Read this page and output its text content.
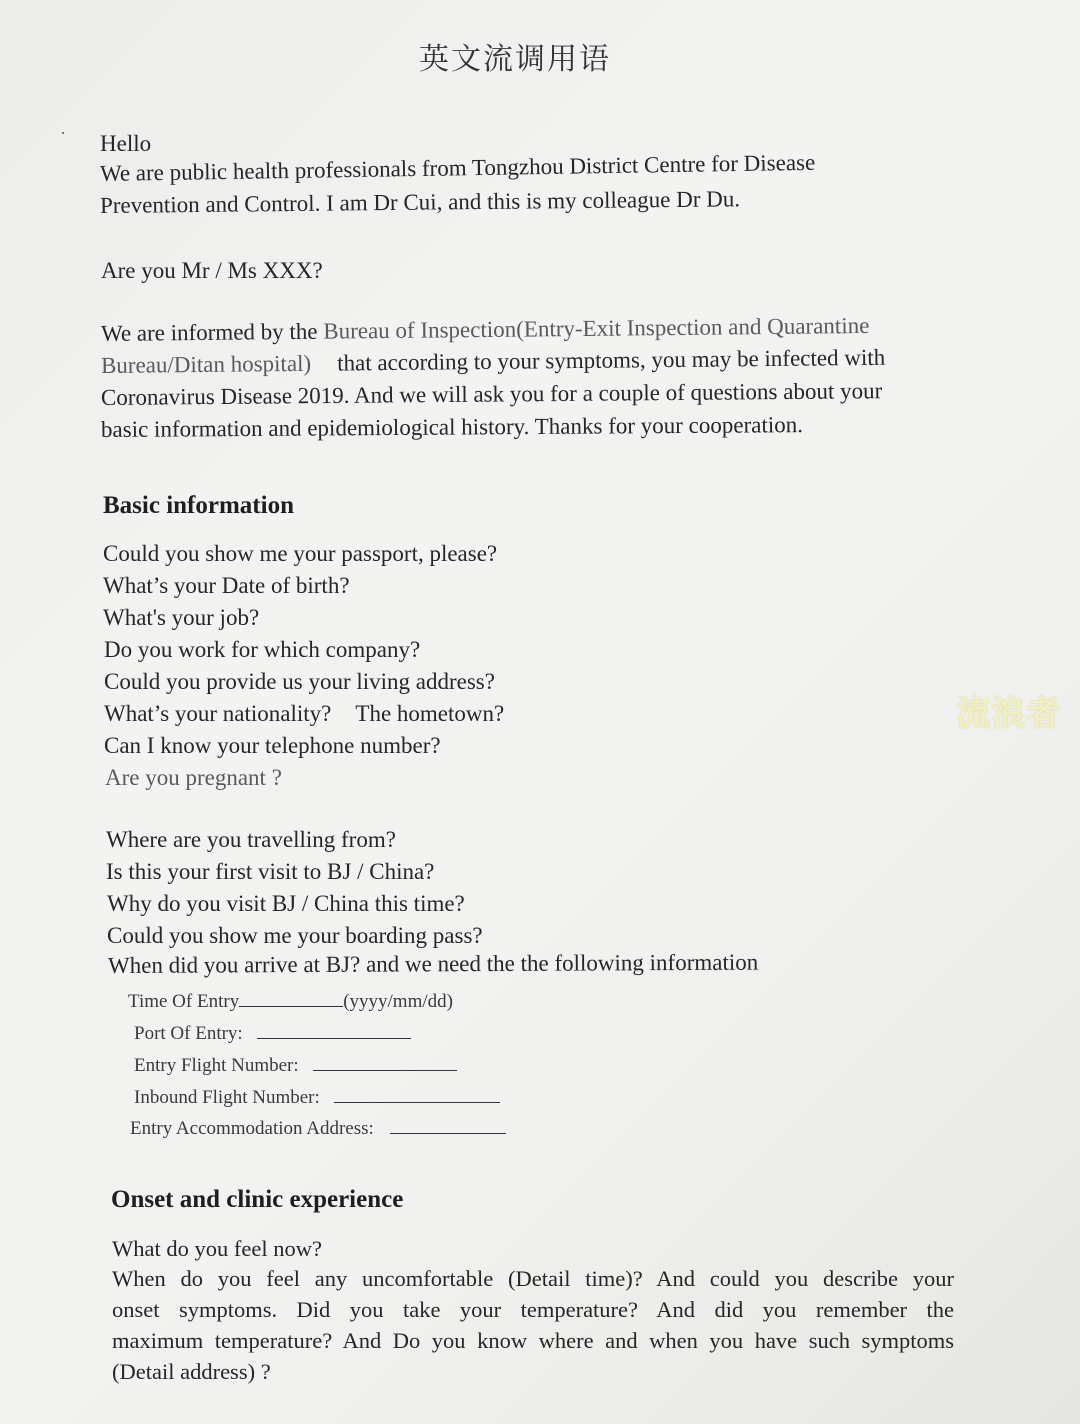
英文流调用语
Hello
We are public health professionals from Tongzhou District Centre for Disease
Prevention and Control. I am Dr Cui, and this is my colleague Dr Du.
Are you Mr / Ms XXX?
We are informed by the Bureau of Inspection(Entry-Exit Inspection and Quarantine
Bureau/Ditan hospital) that according to your symptoms, you may be infected with
Coronavirus Disease 2019. And we will ask you for a couple of questions about your
basic information and epidemiological history. Thanks for your cooperation.
Basic information
Could you show me your passport, please?
What’s your Date of birth?
What's your job?
Do you work for which company?
Could you provide us your living address?
What’s your nationality? The hometown?
Can I know your telephone number?
Are you pregnant ?
Where are you travelling from?
Is this your first visit to BJ / China?
Why do you visit BJ / China this time?
Could you show me your boarding pass?
When did you arrive at BJ? and we need the the following information
Time Of Entry	(yyyy/mm/dd)
Port Of Entry:
Entry Flight Number:
Inbound Flight Number:
Entry Accommodation Address:
Onset and clinic experience
What do you feel now?
When do you feel any uncomfortable (Detail time)? And could you describe your
onset symptoms. Did you take your temperature? And did you remember the
maximum temperature? And Do you know where and when you have such symptoms
(Detail address) ?
流浪者
